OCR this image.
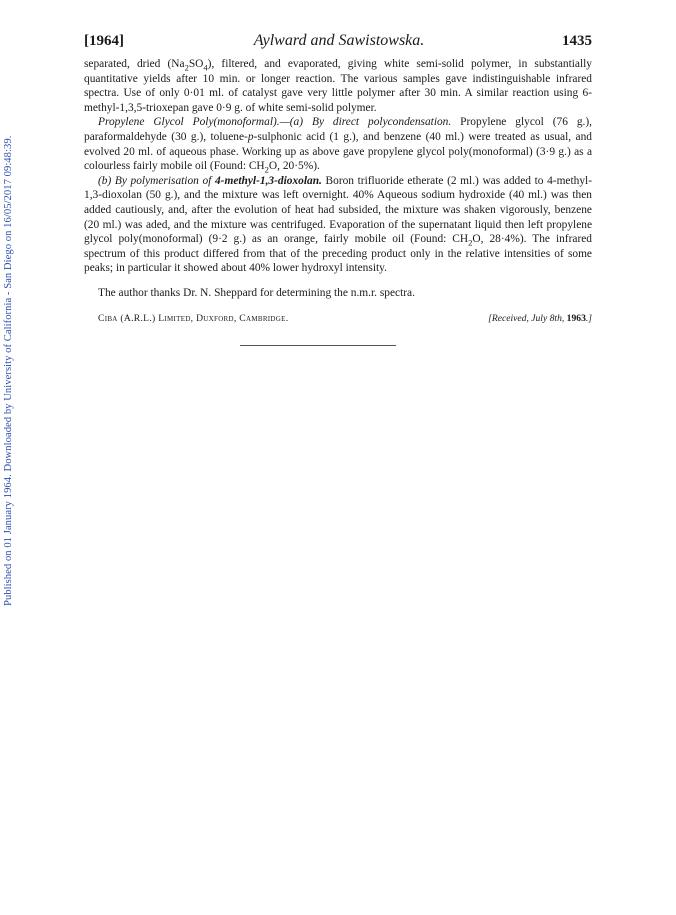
Published on 01 January 1964. Downloaded by University of California - San Diego on 16/05/2017 09:48:39.
[1964]	Aylward and Sawistowska.	1435

separated, dried $(Na_2SO_4)$, filtered, and evaporated, giving white semi-solid polymer, in substantially quantitative yields after 10 min. or longer reaction. The various samples gave indistinguishable infrared spectra. Use of only 0·01 ml. of catalyst gave very little polymer after 30 min. A similar reaction using 6-methyl-1,3,5-trioxepan gave 0·9 g. of white semi-solid polymer.

Propylene Glycol Poly(monoformal).—(a) By direct polycondensation. Propylene glycol (76 g.), paraformaldehyde (30 g.), toluene-p-sulphonic acid (1 g.), and benzene (40 ml.) were treated as usual, and evolved 20 ml. of aqueous phase. Working up as above gave propylene glycol poly(monoformal) (3·9 g.) as a colourless fairly mobile oil (Found: $CH_2O$, 20·5%).

(b) By polymerisation of 4-methyl-1,3-dioxolan. Boron trifluoride etherate (2 ml.) was added to 4-methyl-1,3-dioxolan (50 g.), and the mixture was left overnight. 40% Aqueous sodium hydroxide (40 ml.) was then added cautiously, and, after the evolution of heat had subsided, the mixture was shaken vigorously, benzene (20 ml.) was aded, and the mixture was centrifuged. Evaporation of the supernatant liquid then left propylene glycol poly(monoformal) (9·2 g.) as an orange, fairly mobile oil (Found: $CH_2O$, 28·4%). The infrared spectrum of this product differed from that of the preceding product only in the relative intensities of some peaks; in particular it showed about 40% lower hydroxyl intensity.

The author thanks Dr. N. Sheppard for determining the n.m.r. spectra.

Ciba (A.R.L.) Limited, Duxford, Cambridge.	[Received, July 8th, 1963.]
